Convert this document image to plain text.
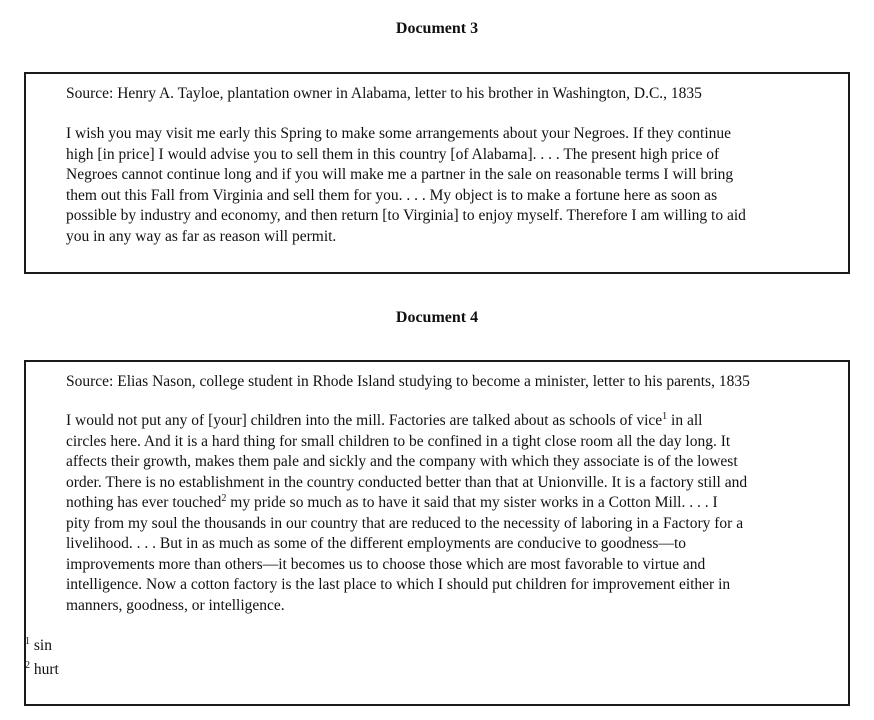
Document 3
Source: Henry A. Tayloe, plantation owner in Alabama, letter to his brother in Washington, D.C., 1835
I wish you may visit me early this Spring to make some arrangements about your Negroes. If they continue
high [in price] I would advise you to sell them in this country [of Alabama]. . . . The present high price of
Negroes cannot continue long and if you will make me a partner in the sale on reasonable terms I will bring
them out this Fall from Virginia and sell them for you. . . . My object is to make a fortune here as soon as
possible by industry and economy, and then return [to Virginia] to enjoy myself. Therefore I am willing to aid
you in any way as far as reason will permit.
Document 4
Source: Elias Nason, college student in Rhode Island studying to become a minister, letter to his parents, 1835
I would not put any of [your] children into the mill. Factories are talked about as schools of vice$^1$ in all
circles here. And it is a hard thing for small children to be confined in a tight close room all the day long. It
affects their growth, makes them pale and sickly and the company with which they associate is of the lowest
order. There is no establishment in the country conducted better than that at Unionville. It is a factory still and
nothing has ever touched$^2$ my pride so much as to have it said that my sister works in a Cotton Mill. . . . I
pity from my soul the thousands in our country that are reduced to the necessity of laboring in a Factory for a
livelihood. . . . But in as much as some of the different employments are conducive to goodness—to
improvements more than others—it becomes us to choose those which are most favorable to virtue and
intelligence. Now a cotton factory is the last place to which I should put children for improvement either in
manners, goodness, or intelligence.
$^1$ sin
$^2$ hurt
